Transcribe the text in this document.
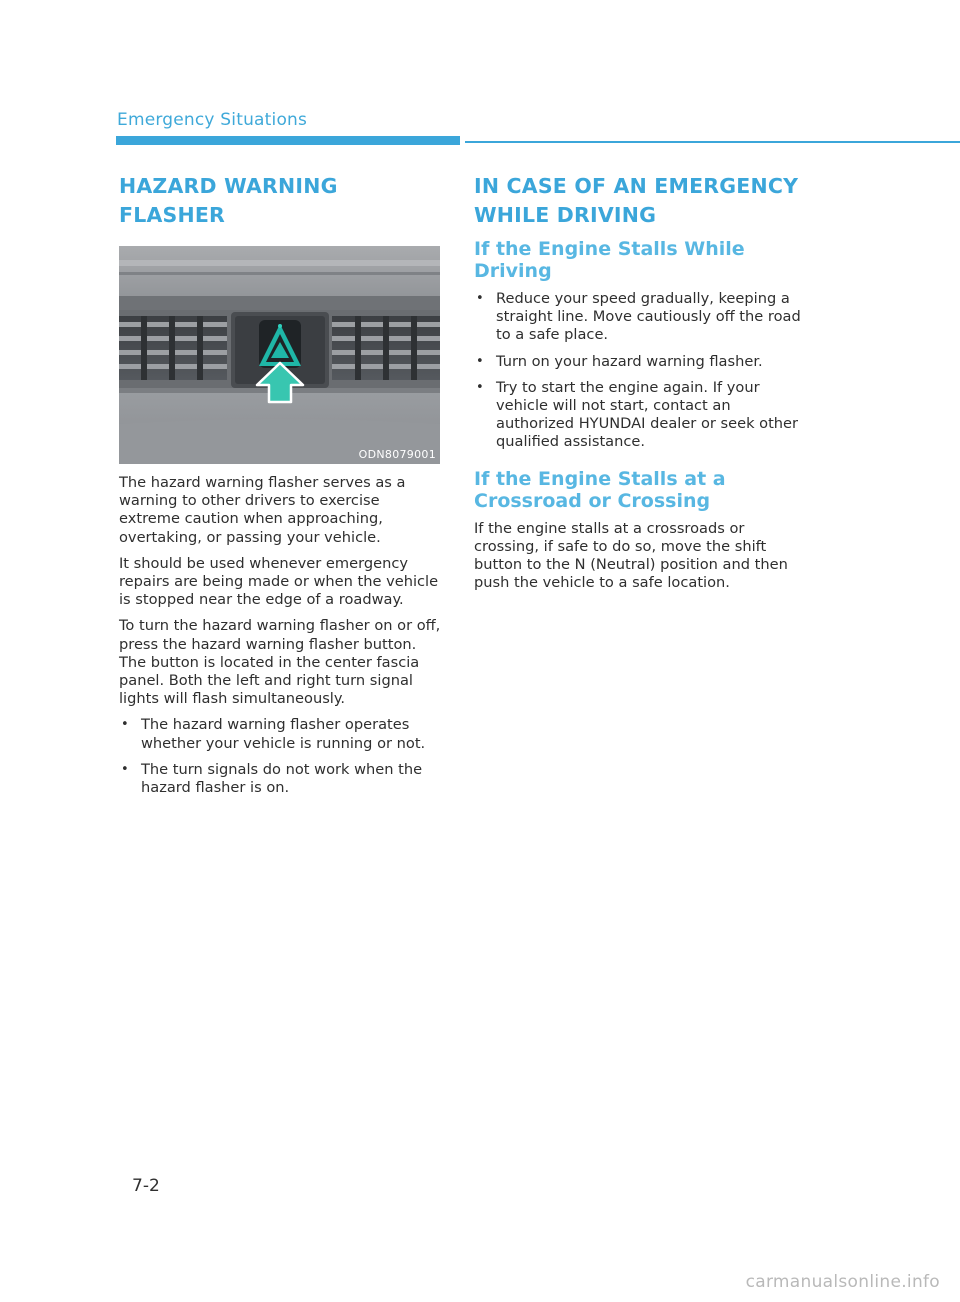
Emergency Situations
HAZARD WARNING FLASHER
ODN8079001

The hazard warning flasher serves as a warning to other drivers to exercise extreme caution when approaching, overtaking, or passing your vehicle.

It should be used whenever emergency repairs are being made or when the vehicle is stopped near the edge of a roadway.

To turn the hazard warning flasher on or off, press the hazard warning flasher button. The button is located in the center fascia panel. Both the left and right turn signal lights will flash simultaneously.

• The hazard warning flasher operates whether your vehicle is running or not.
• The turn signals do not work when the hazard flasher is on.
IN CASE OF AN EMERGENCY WHILE DRIVING
If the Engine Stalls While Driving
• Reduce your speed gradually, keeping a straight line. Move cautiously off the road to a safe place.
• Turn on your hazard warning flasher.
• Try to start the engine again. If your vehicle will not start, contact an authorized HYUNDAI dealer or seek other qualified assistance.
If the Engine Stalls at a Crossroad or Crossing

If the engine stalls at a crossroads or crossing, if safe to do so, move the shift button to the N (Neutral) position and then push the vehicle to a safe location.

7-2
carmanualsonline.info
